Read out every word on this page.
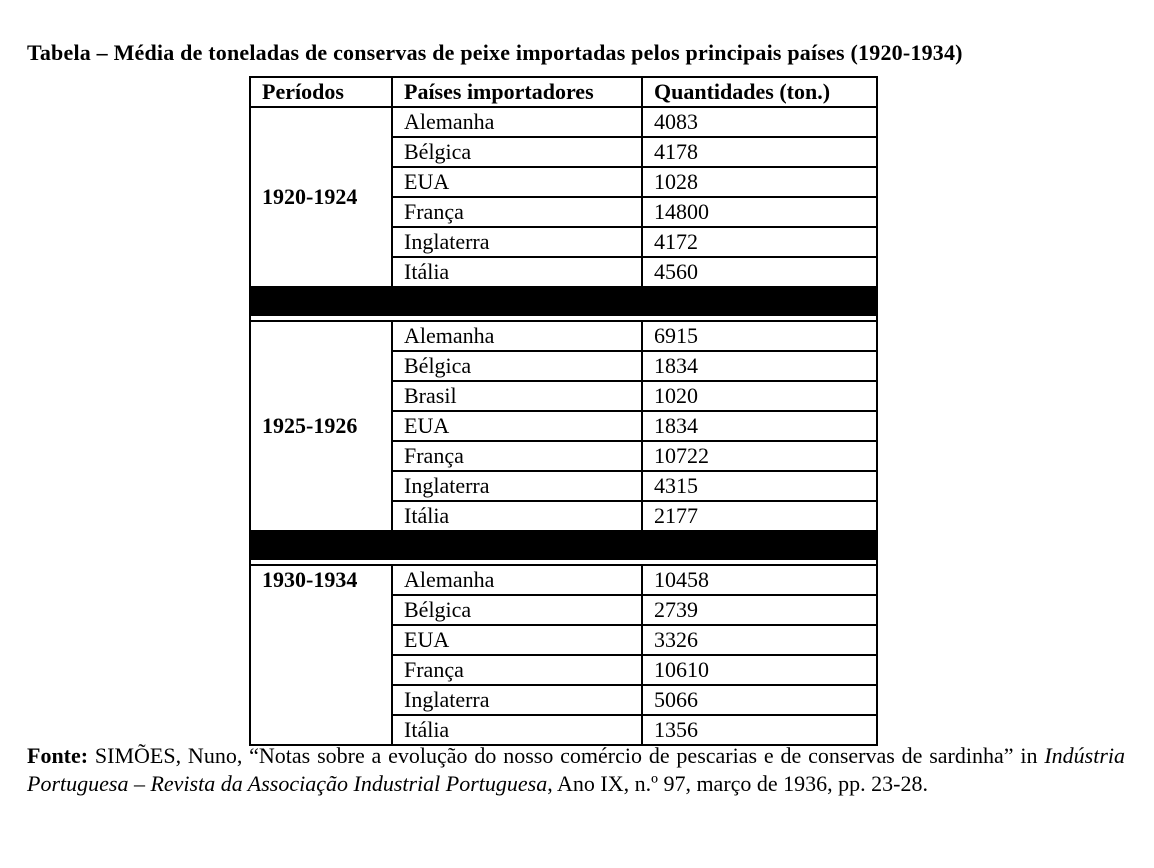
Tabela – Média de toneladas de conservas de peixe importadas pelos principais países (1920-1934)
Períodos	Países importadores	Quantidades (ton.)
1920-1924	Alemanha	4083
	Bélgica	4178
	EUA	1028
	França	14800
	Inglaterra	4172
	Itália	4560

1925-1926	Alemanha	6915
	Bélgica	1834
	Brasil	1020
	EUA	1834
	França	10722
	Inglaterra	4315
	Itália	2177

1930-1934	Alemanha	10458
	Bélgica	2739
	EUA	3326
	França	10610
	Inglaterra	5066
	Itália	1356

Fonte: SIMÕES, Nuno, “Notas sobre a evolução do nosso comércio de pescarias e de conservas de sardinha” in Indústria Portuguesa – Revista da Associação Industrial Portuguesa, Ano IX, n.º 97, março de 1936, pp. 23-28.
